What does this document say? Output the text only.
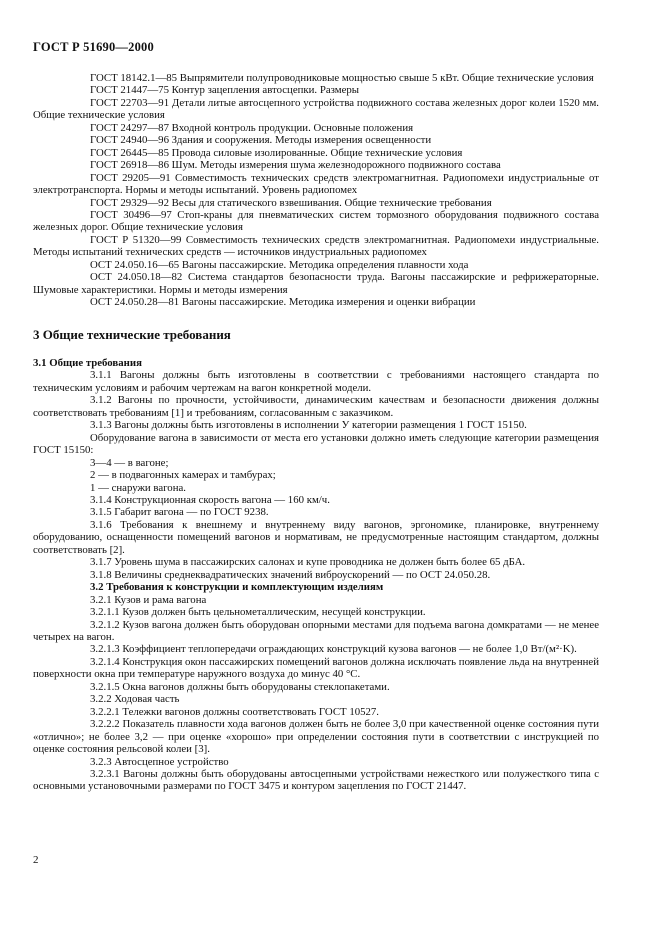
ГОСТ Р 51690—2000

ГОСТ 18142.1—85 Выпрямители полупроводниковые мощностью свыше 5 кВт. Общие технические условия

ГОСТ 21447—75 Контур зацепления автосцепки. Размеры

ГОСТ 22703—91 Детали литые автосцепного устройства подвижного состава железных дорог колеи 1520 мм. Общие технические условия

ГОСТ 24297—87 Входной контроль продукции. Основные положения

ГОСТ 24940—96 Здания и сооружения. Методы измерения освещенности

ГОСТ 26445—85 Провода силовые изолированные. Общие технические условия

ГОСТ 26918—86 Шум. Методы измерения шума железнодорожного подвижного состава

ГОСТ 29205—91 Совместимость технических средств электромагнитная. Радиопомехи индустриальные от электротранспорта. Нормы и методы испытаний. Уровень радиопомех

ГОСТ 29329—92 Весы для статического взвешивания. Общие технические требования

ГОСТ 30496—97 Стоп-краны для пневматических систем тормозного оборудования подвижного состава железных дорог. Общие технические условия

ГОСТ Р 51320—99 Совместимость технических средств электромагнитная. Радиопомехи индустриальные. Методы испытаний технических средств — источников индустриальных радиопомех

ОСТ 24.050.16—65 Вагоны пассажирские. Методика определения плавности хода

ОСТ 24.050.18—82 Система стандартов безопасности труда. Вагоны пассажирские и рефрижераторные. Шумовые характеристики. Нормы и методы измерения

ОСТ 24.050.28—81 Вагоны пассажирские. Методика измерения и оценки вибрации

3 Общие технические требования

3.1 Общие требования

3.1.1 Вагоны должны быть изготовлены в соответствии с требованиями настоящего стандарта по техническим условиям и рабочим чертежам на вагон конкретной модели.

3.1.2 Вагоны по прочности, устойчивости, динамическим качествам и безопасности движения должны соответствовать требованиям [1] и требованиям, согласованным с заказчиком.

3.1.3 Вагоны должны быть изготовлены в исполнении У категории размещения 1 ГОСТ 15150.

Оборудование вагона в зависимости от места его установки должно иметь следующие категории размещения ГОСТ 15150:

3—4 — в вагоне;

2 — в подвагонных камерах и тамбурах;

1 — снаружи вагона.

3.1.4 Конструкционная скорость вагона — 160 км/ч.

3.1.5 Габарит вагона — по ГОСТ 9238.

3.1.6 Требования к внешнему и внутреннему виду вагонов, эргономике, планировке, внутреннему оборудованию, оснащенности помещений вагонов и нормативам, не предусмотренные настоящим стандартом, должны соответствовать [2].

3.1.7 Уровень шума в пассажирских салонах и купе проводника не должен быть более 65 дБА.

3.1.8 Величины среднеквадратических значений виброускорений — по ОСТ 24.050.28.

3.2 Требования к конструкции и комплектующим изделиям

3.2.1 Кузов и рама вагона

3.2.1.1 Кузов должен быть цельнометаллическим, несущей конструкции.

3.2.1.2 Кузов вагона должен быть оборудован опорными местами для подъема вагона домкратами — не менее четырех на вагон.

3.2.1.3 Коэффициент теплопередачи ограждающих конструкций кузова вагонов — не более 1,0 Вт/(м²·K).

3.2.1.4 Конструкция окон пассажирских помещений вагонов должна исключать появление льда на внутренней поверхности окна при температуре наружного воздуха до минус 40 °С.

3.2.1.5 Окна вагонов должны быть оборудованы стеклопакетами.

3.2.2 Ходовая часть

3.2.2.1 Тележки вагонов должны соответствовать ГОСТ 10527.

3.2.2.2 Показатель плавности хода вагонов должен быть не более 3,0 при качественной оценке состояния пути «отлично»; не более 3,2 — при оценке «хорошо» при определении состояния пути в соответствии с инструкцией по оценке состояния рельсовой колеи [3].

3.2.3 Автосцепное устройство

3.2.3.1 Вагоны должны быть оборудованы автосцепными устройствами нежесткого или полужесткого типа с основными установочными размерами по ГОСТ 3475 и контуром зацепления по ГОСТ 21447.

2
